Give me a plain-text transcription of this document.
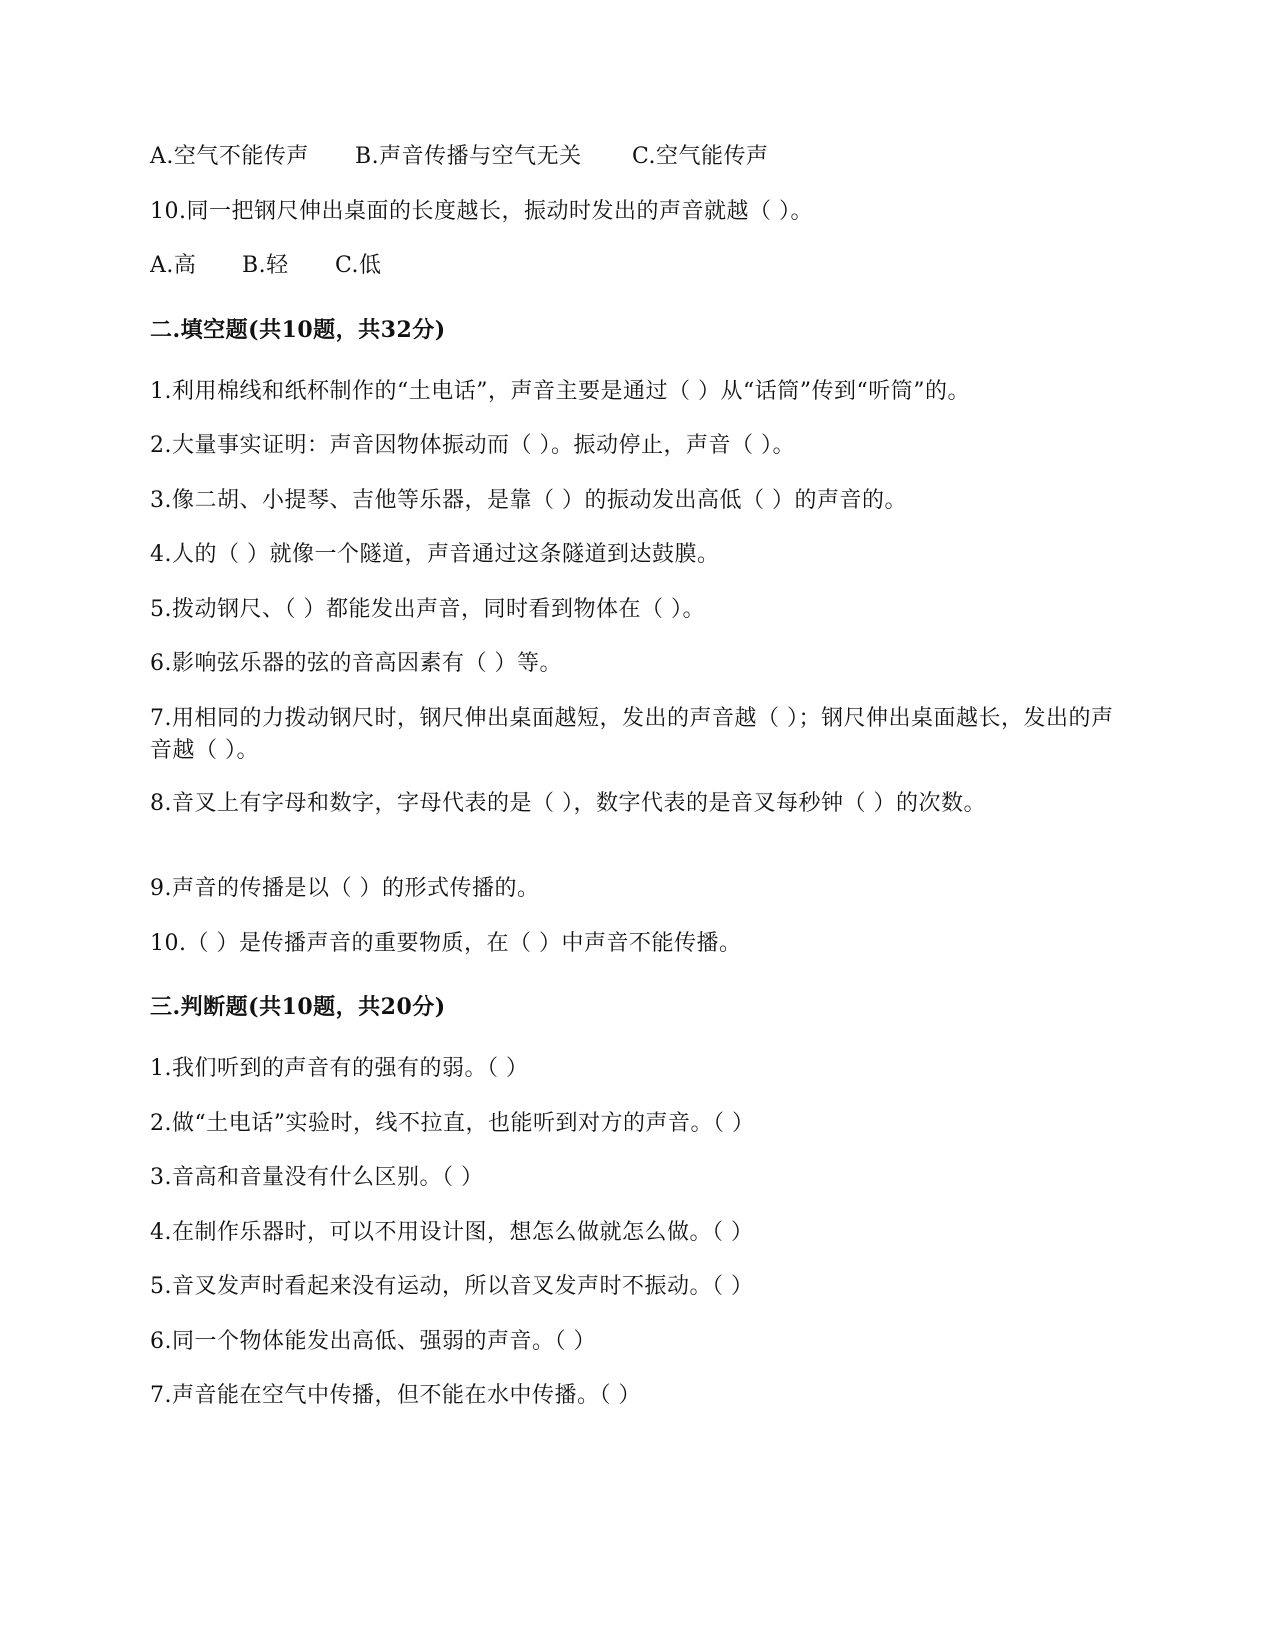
A.空气不能传声 B.声音传播与空气无关 C.空气能传声
10.同一把钢尺伸出桌面的长度越长，振动时发出的声音就越（ ）。
A.高 B.轻 C.低
二.填空题(共10题，共32分)
1.利用棉线和纸杯制作的“土电话”，声音主要是通过（ ）从“话筒”传到“听筒”的。
2.大量事实证明：声音因物体振动而（ ）。振动停止，声音（ ）。
3.像二胡、小提琴、吉他等乐器，是靠（ ）的振动发出高低（ ）的声音的。
4.人的（ ）就像一个隧道，声音通过这条隧道到达鼓膜。
5.拨动钢尺、（ ）都能发出声音，同时看到物体在（ ）。
6.影响弦乐器的弦的音高因素有（ ）等。
7.用相同的力拨动钢尺时，钢尺伸出桌面越短，发出的声音越（ ）；钢尺伸出桌面越长，发出的声音越（ ）。
8.音叉上有字母和数字，字母代表的是（ ），数字代表的是音叉每秒钟（ ）的次数。
9.声音的传播是以（ ）的形式传播的。
10.（ ）是传播声音的重要物质，在（ ）中声音不能传播。
三.判断题(共10题，共20分)
1.我们听到的声音有的强有的弱。（ ）
2.做“土电话”实验时，线不拉直，也能听到对方的声音。（ ）
3.音高和音量没有什么区别。（ ）
4.在制作乐器时，可以不用设计图，想怎么做就怎么做。（ ）
5.音叉发声时看起来没有运动，所以音叉发声时不振动。（ ）
6.同一个物体能发出高低、强弱的声音。（ ）
7.声音能在空气中传播，但不能在水中传播。（ ）
